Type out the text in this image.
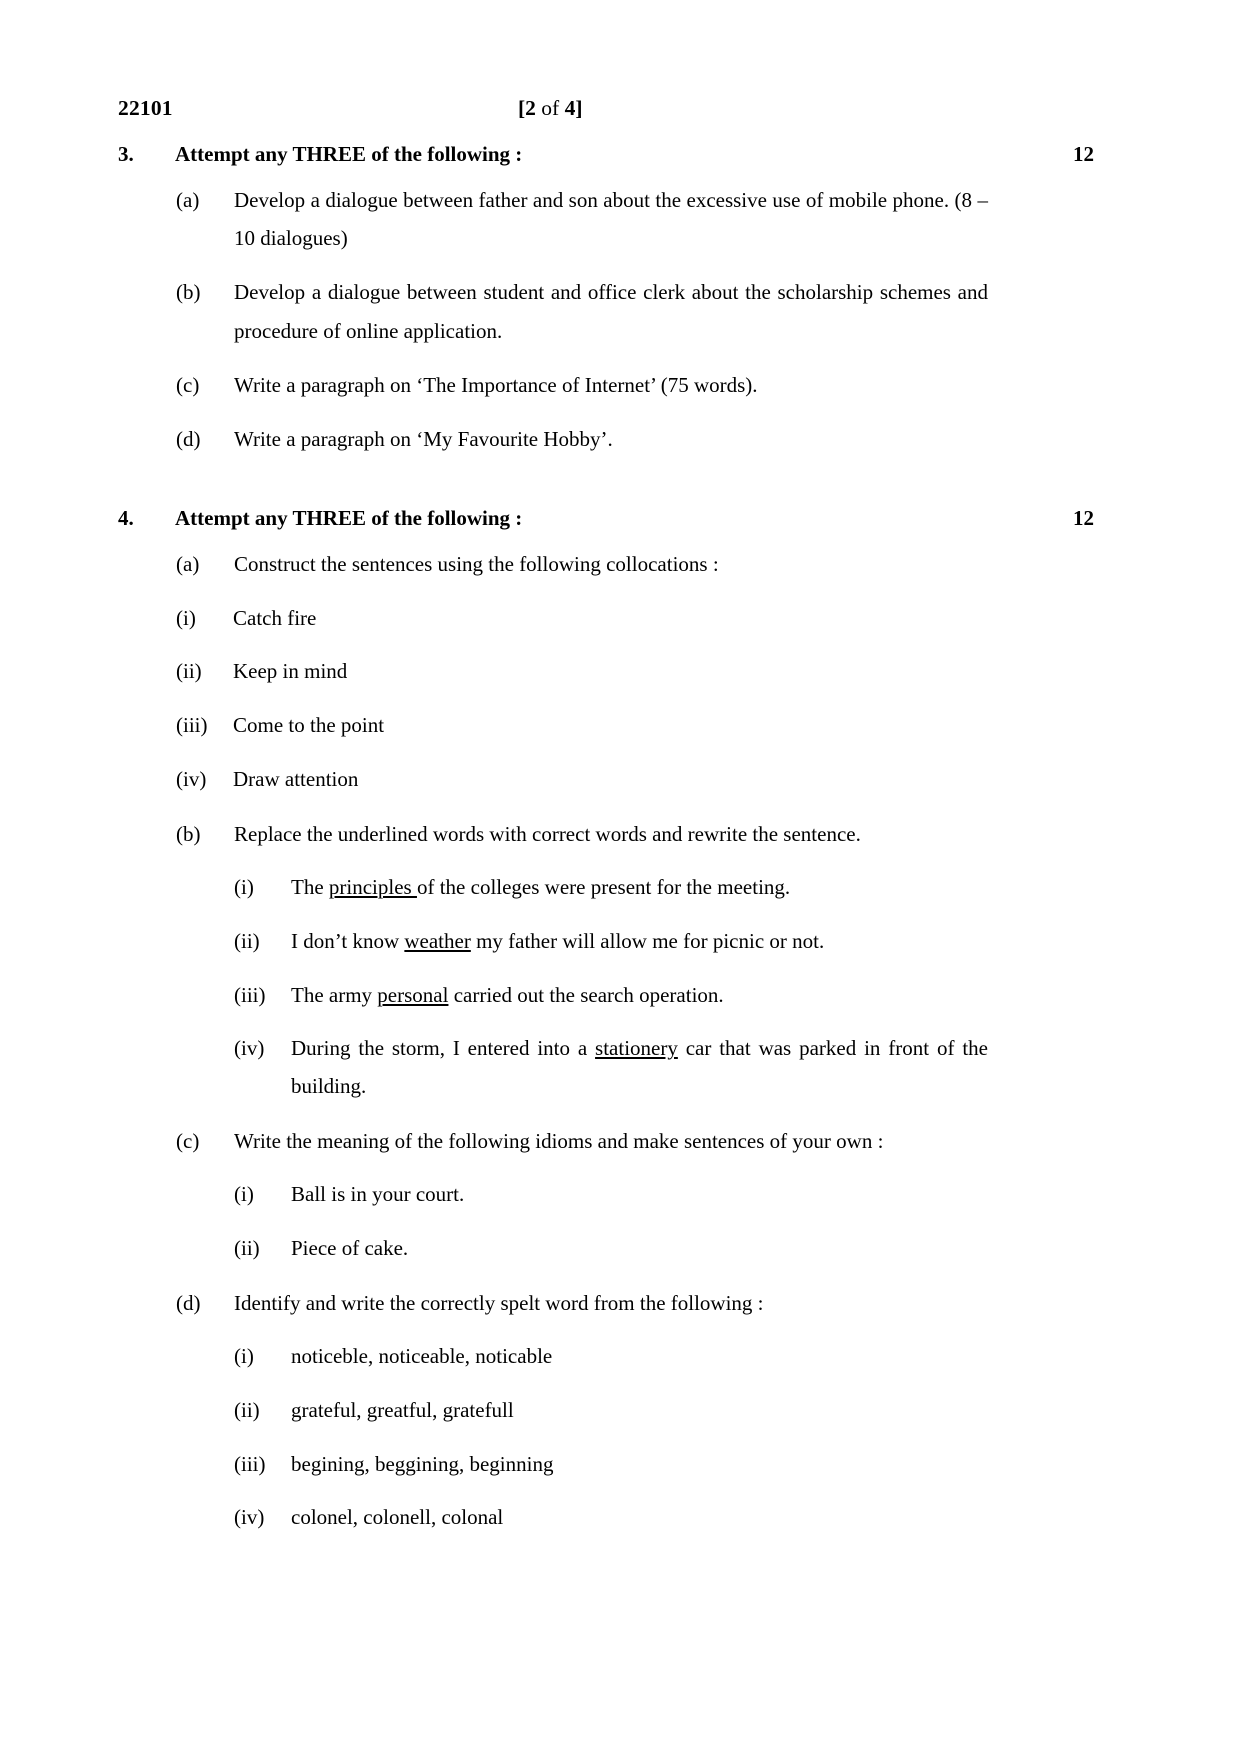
22101	[2 of 4]
3.	Attempt any THREE of the following :	12
(a)	Develop a dialogue between father and son about the excessive use of mobile phone. (8 – 10 dialogues)
(b)	Develop a dialogue between student and office clerk about the scholarship schemes and procedure of online application.
(c)	Write a paragraph on ‘The Importance of Internet’ (75 words).
(d)	Write a paragraph on ‘My Favourite Hobby’.
4.	Attempt any THREE of the following :	12
(a)	Construct the sentences using the following collocations :
(i)	Catch fire
(ii)	Keep in mind
(iii)	Come to the point
(iv)	Draw attention
(b)	Replace the underlined words with correct words and rewrite the sentence.
(i)	The principles of the colleges were present for the meeting.
(ii)	I don’t know weather my father will allow me for picnic or not.
(iii)	The army personal carried out the search operation.
(iv)	During the storm, I entered into a stationery car that was parked in front of the building.
(c)	Write the meaning of the following idioms and make sentences of your own :
(i)	Ball is in your court.
(ii)	Piece of cake.
(d)	Identify and write the correctly spelt word from the following :
(i)	noticeble, noticeable, noticable
(ii)	grateful, greatful, gratefull
(iii)	begining, beggining, beginning
(iv)	colonel, colonell, colonal
